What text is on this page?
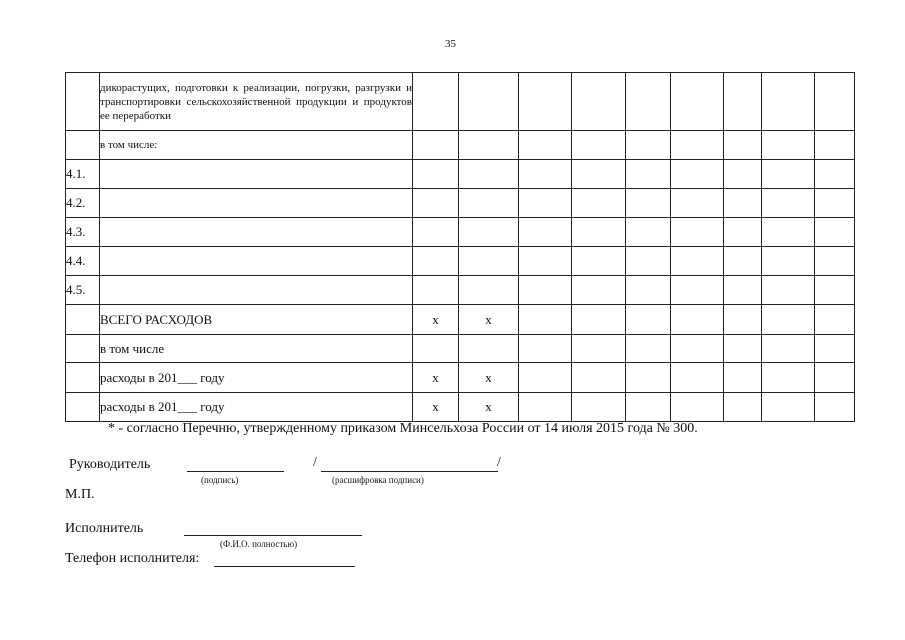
35
	дикорастущих, подготовки к реализации, погрузки, разгрузки и транспортировки сельскохозяйственной продукции и продуктов ее переработки									
	в том числе:									
4.1.										
4.2.										
4.3.										
4.4.										
4.5.										
	ВСЕГО РАСХОДОВ	x	x							
	в том числе									
	расходы в 201___ году	x	x							
	расходы в 201___ году	x	x							
* - согласно Перечню, утвержденному приказом Минсельхоза России от 14 июля 2015 года № 300.
Руководитель
(подпись)
/	/
(расшифровка подписи)
М.П.
Исполнитель
(Ф.И.О. полностью)
Телефон исполнителя:
